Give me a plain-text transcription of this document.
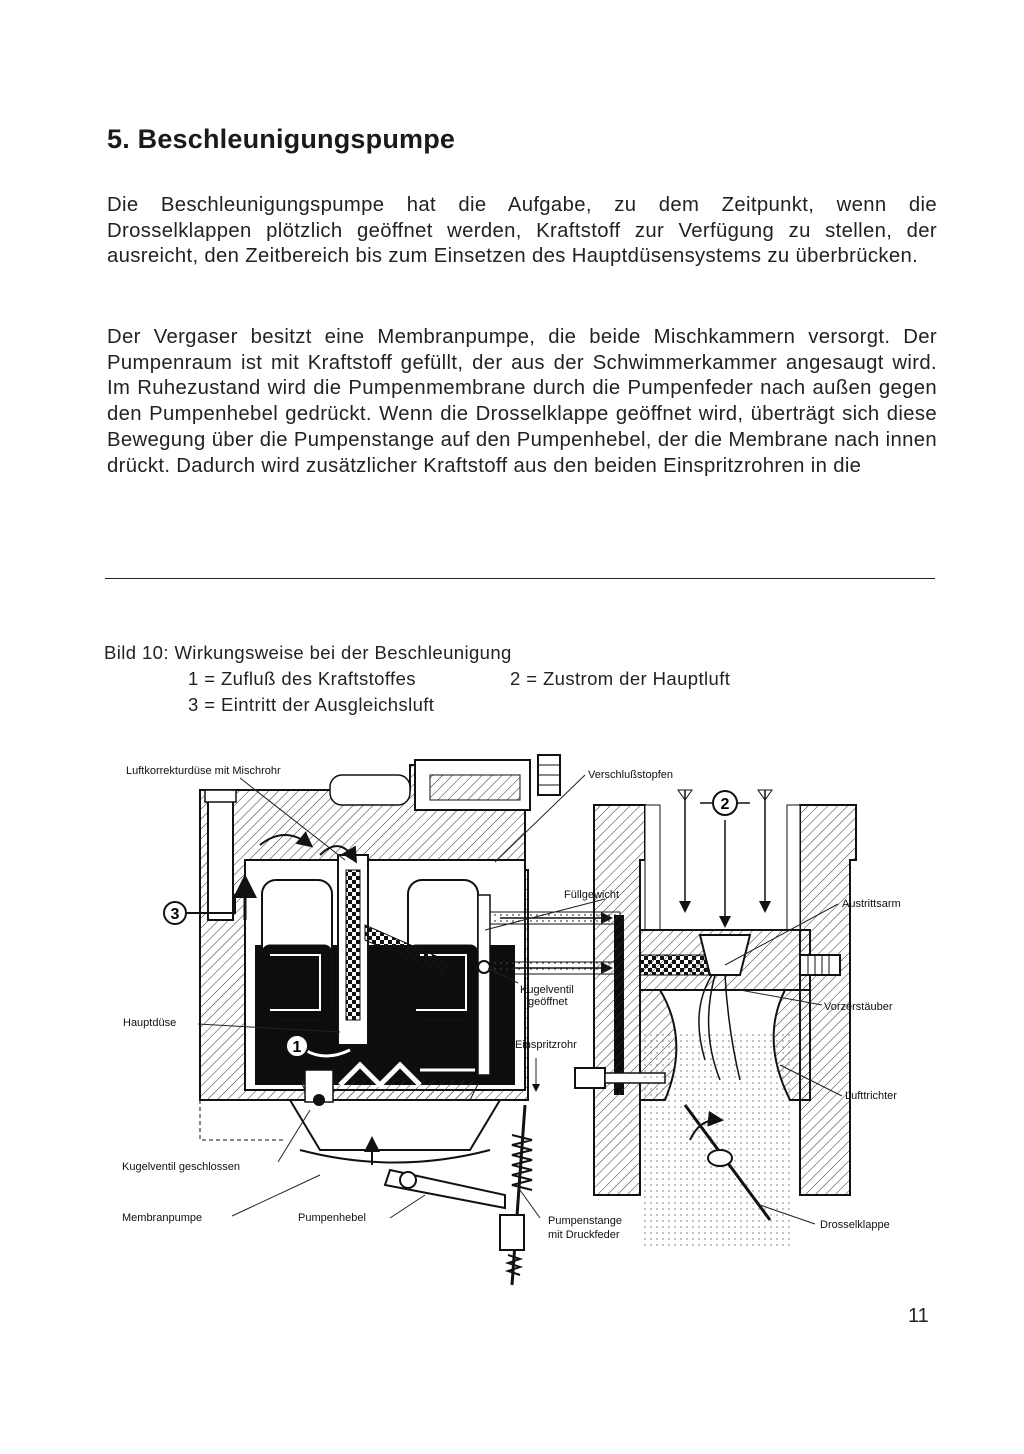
5. Beschleunigungspumpe

Die Beschleunigungspumpe hat die Aufgabe, zu dem Zeitpunkt, wenn die Drosselklappen plötzlich geöffnet werden, Kraftstoff zur Verfügung zu stellen, der ausreicht, den Zeitbereich bis zum Einsetzen des Hauptdüsensystems zu überbrücken.

Der Vergaser besitzt eine Membranpumpe, die beide Mischkammern versorgt. Der Pumpenraum ist mit Kraftstoff gefüllt, der aus der Schwimmerkammer angesaugt wird. Im Ruhezustand wird die Pumpenmembrane durch die Pumpenfeder nach außen gegen den Pumpenhebel gedrückt. Wenn die Drosselklappe geöffnet wird, überträgt sich diese Bewegung über die Pumpenstange auf den Pumpenhebel, der die Membrane nach innen drückt. Dadurch wird zusätzlicher Kraftstoff aus den beiden Einspritzrohren in die

Bild 10: Wirkungsweise bei der Beschleunigung
1 = Zufluß des Kraftstoffes	2 = Zustrom der Hauptluft
3 = Eintritt der Ausgleichsluft
1
2
3
Luftkorrekturdüse mit Mischrohr	Verschlußstopfen
Füllgewicht
Austrittsarm
Kugelventil
geöffnet	Vorzerstäuber
Hauptdüse
Einspritzrohr
Lufttrichter
Kugelventil geschlossen
Membranpumpe	Pumpenhebel	Pumpenstange
mit Druckfeder
Drosselklappe
11
